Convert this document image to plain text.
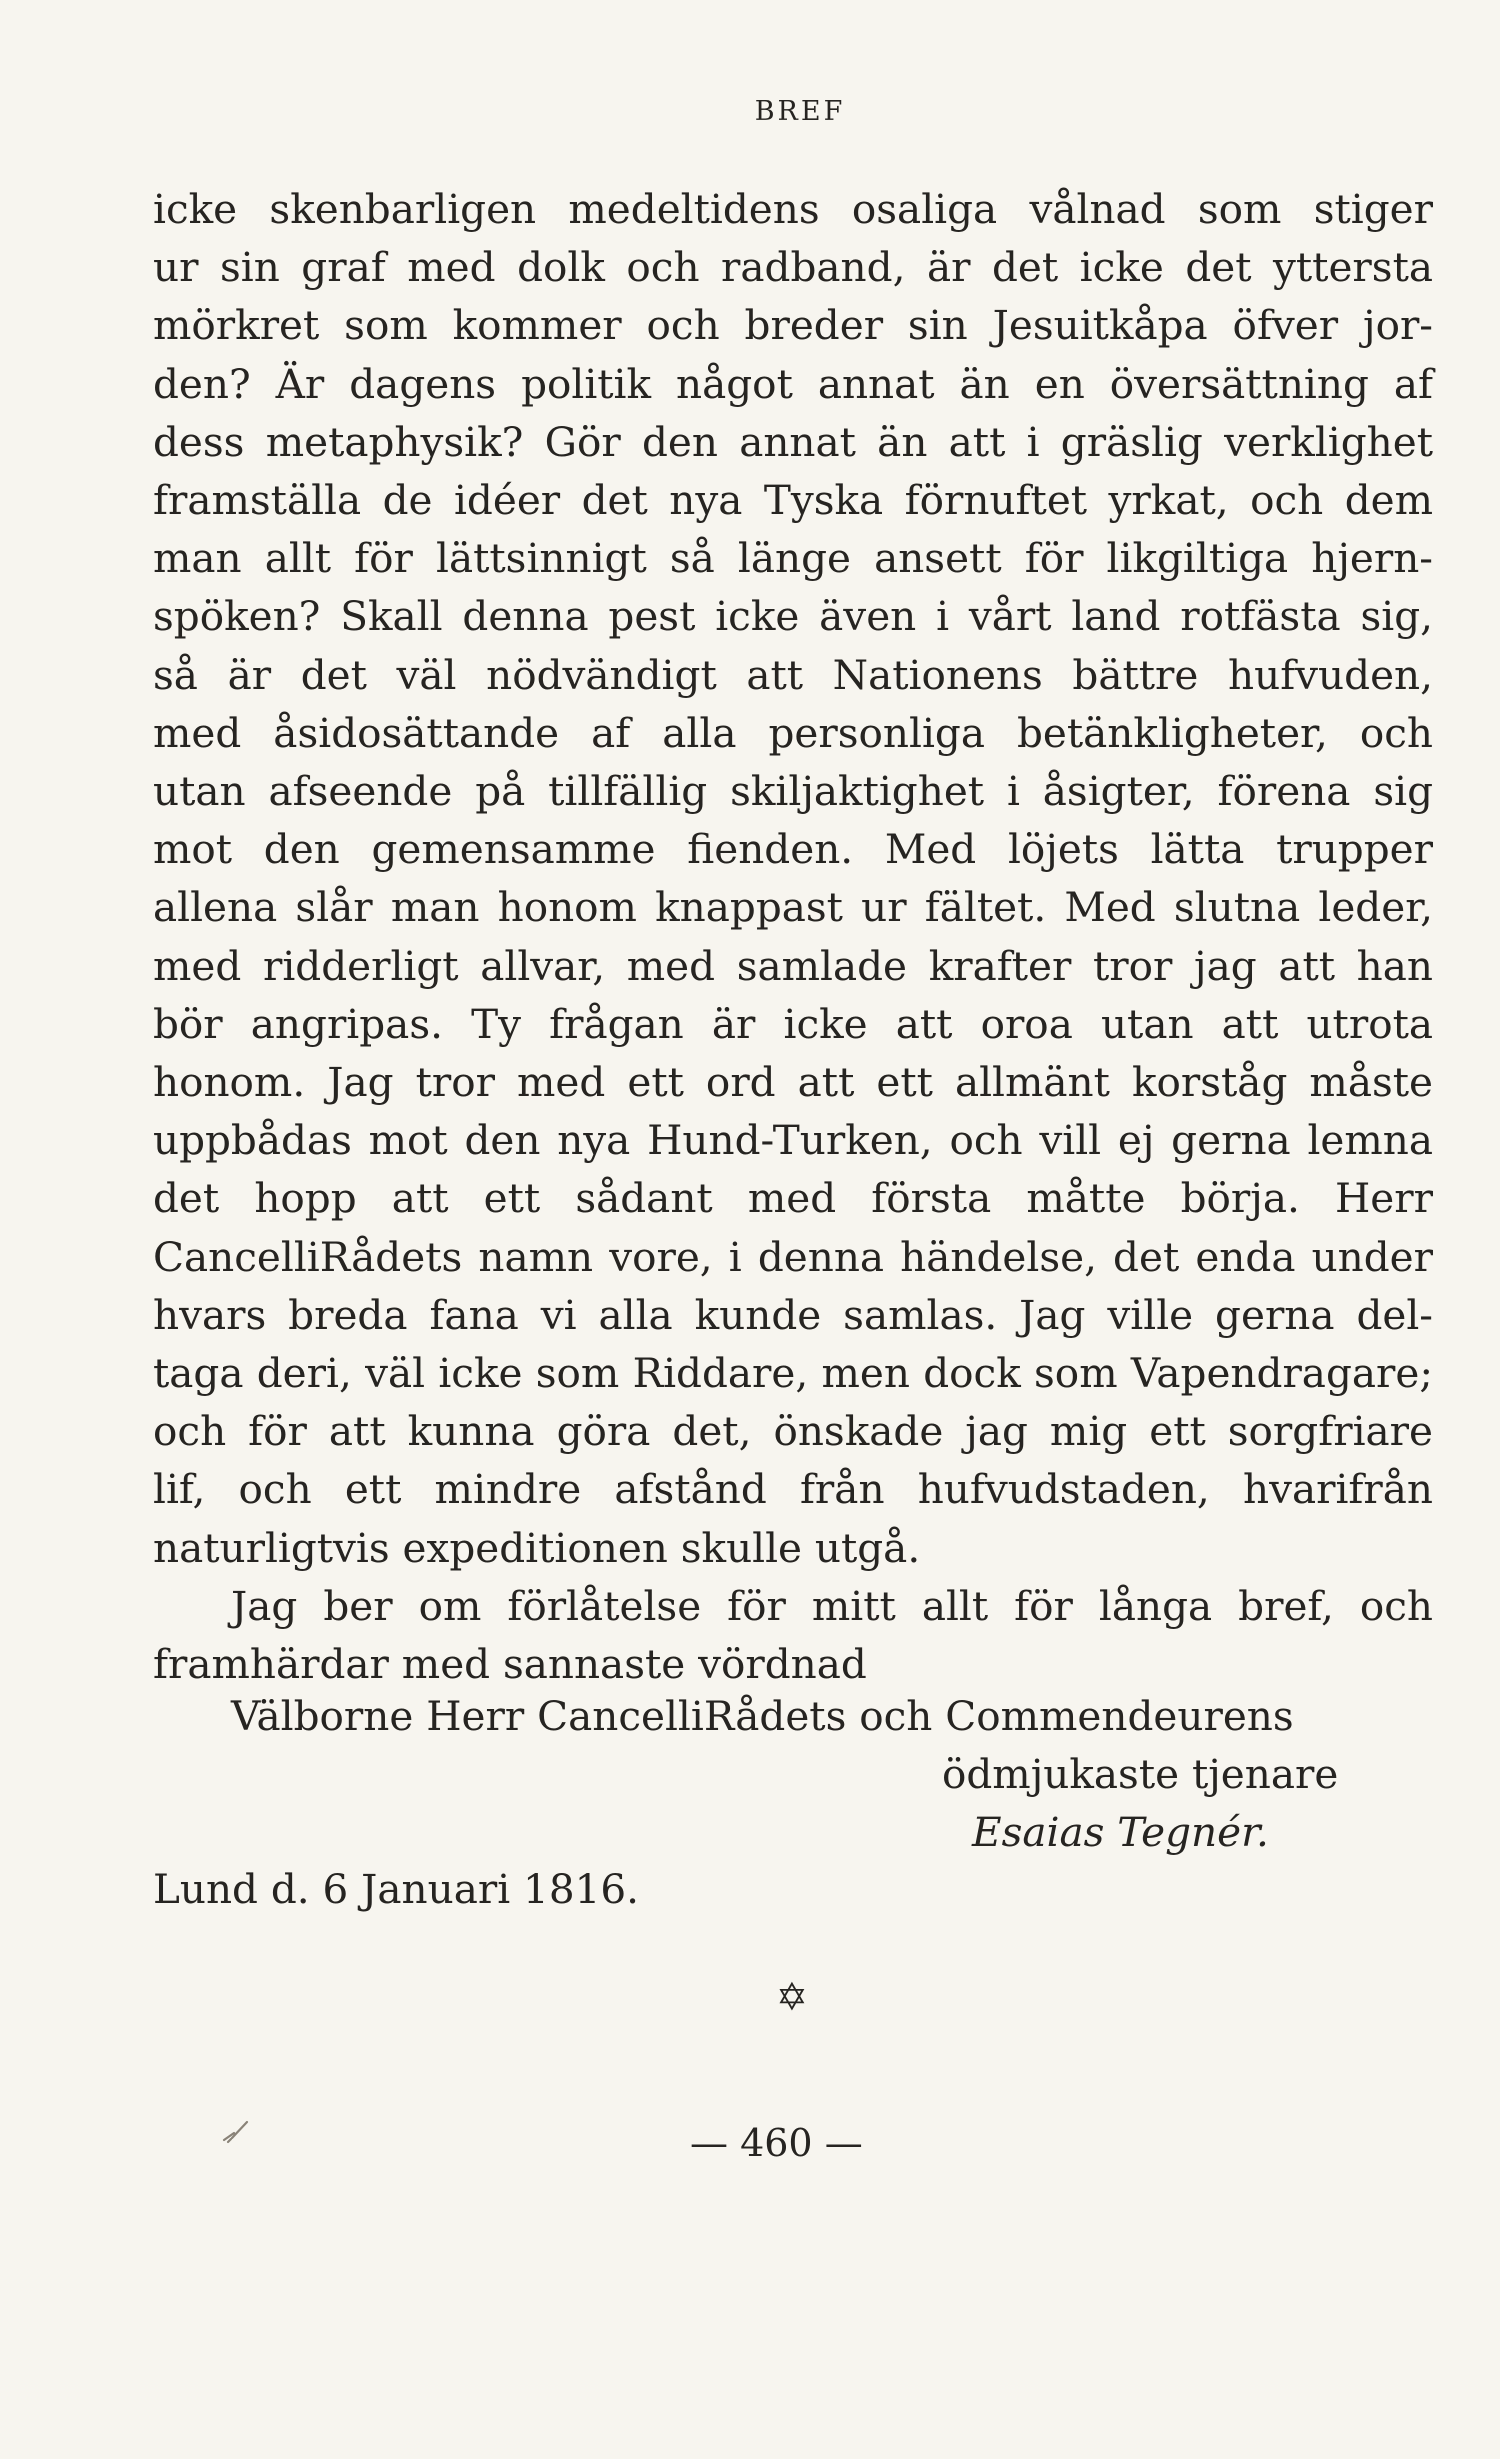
BREF
icke skenbarligen medeltidens osaliga vålnad som stiger
ur sin graf med dolk och radband, är det icke det yttersta
mörkret som kommer och breder sin Jesuitkåpa öfver jor-
den? Är dagens politik något annat än en översättning af
dess metaphysik? Gör den annat än att i gräslig verklighet
framställa de idéer det nya Tyska förnuftet yrkat, och dem
man allt för lättsinnigt så länge ansett för likgiltiga hjern-
spöken? Skall denna pest icke även i vårt land rotfästa sig,
så är det väl nödvändigt att Nationens bättre hufvuden,
med åsidosättande af alla personliga betänkligheter, och
utan afseende på tillfällig skiljaktighet i åsigter, förena sig
mot den gemensamme fienden. Med löjets lätta trupper
allena slår man honom knappast ur fältet. Med slutna leder,
med ridderligt allvar, med samlade krafter tror jag att han
bör angripas. Ty frågan är icke att oroa utan att utrota
honom. Jag tror med ett ord att ett allmänt korståg måste
uppbådas mot den nya Hund-Turken, och vill ej gerna lemna
det hopp att ett sådant med första måtte börja. Herr
CancelliRådets namn vore, i denna händelse, det enda under
hvars breda fana vi alla kunde samlas. Jag ville gerna del-
taga deri, väl icke som Riddare, men dock som Vapendragare;
och för att kunna göra det, önskade jag mig ett sorgfriare
lif, och ett mindre afstånd från hufvudstaden, hvarifrån
naturligtvis expeditionen skulle utgå.
Jag ber om förlåtelse för mitt allt för långa bref, och
framhärdar med sannaste vördnad
Välborne Herr CancelliRådets och Commendeurens
ödmjukaste tjenare
Esaias Tegnér.
Lund d. 6 Januari 1816.
✡
— 460 —
